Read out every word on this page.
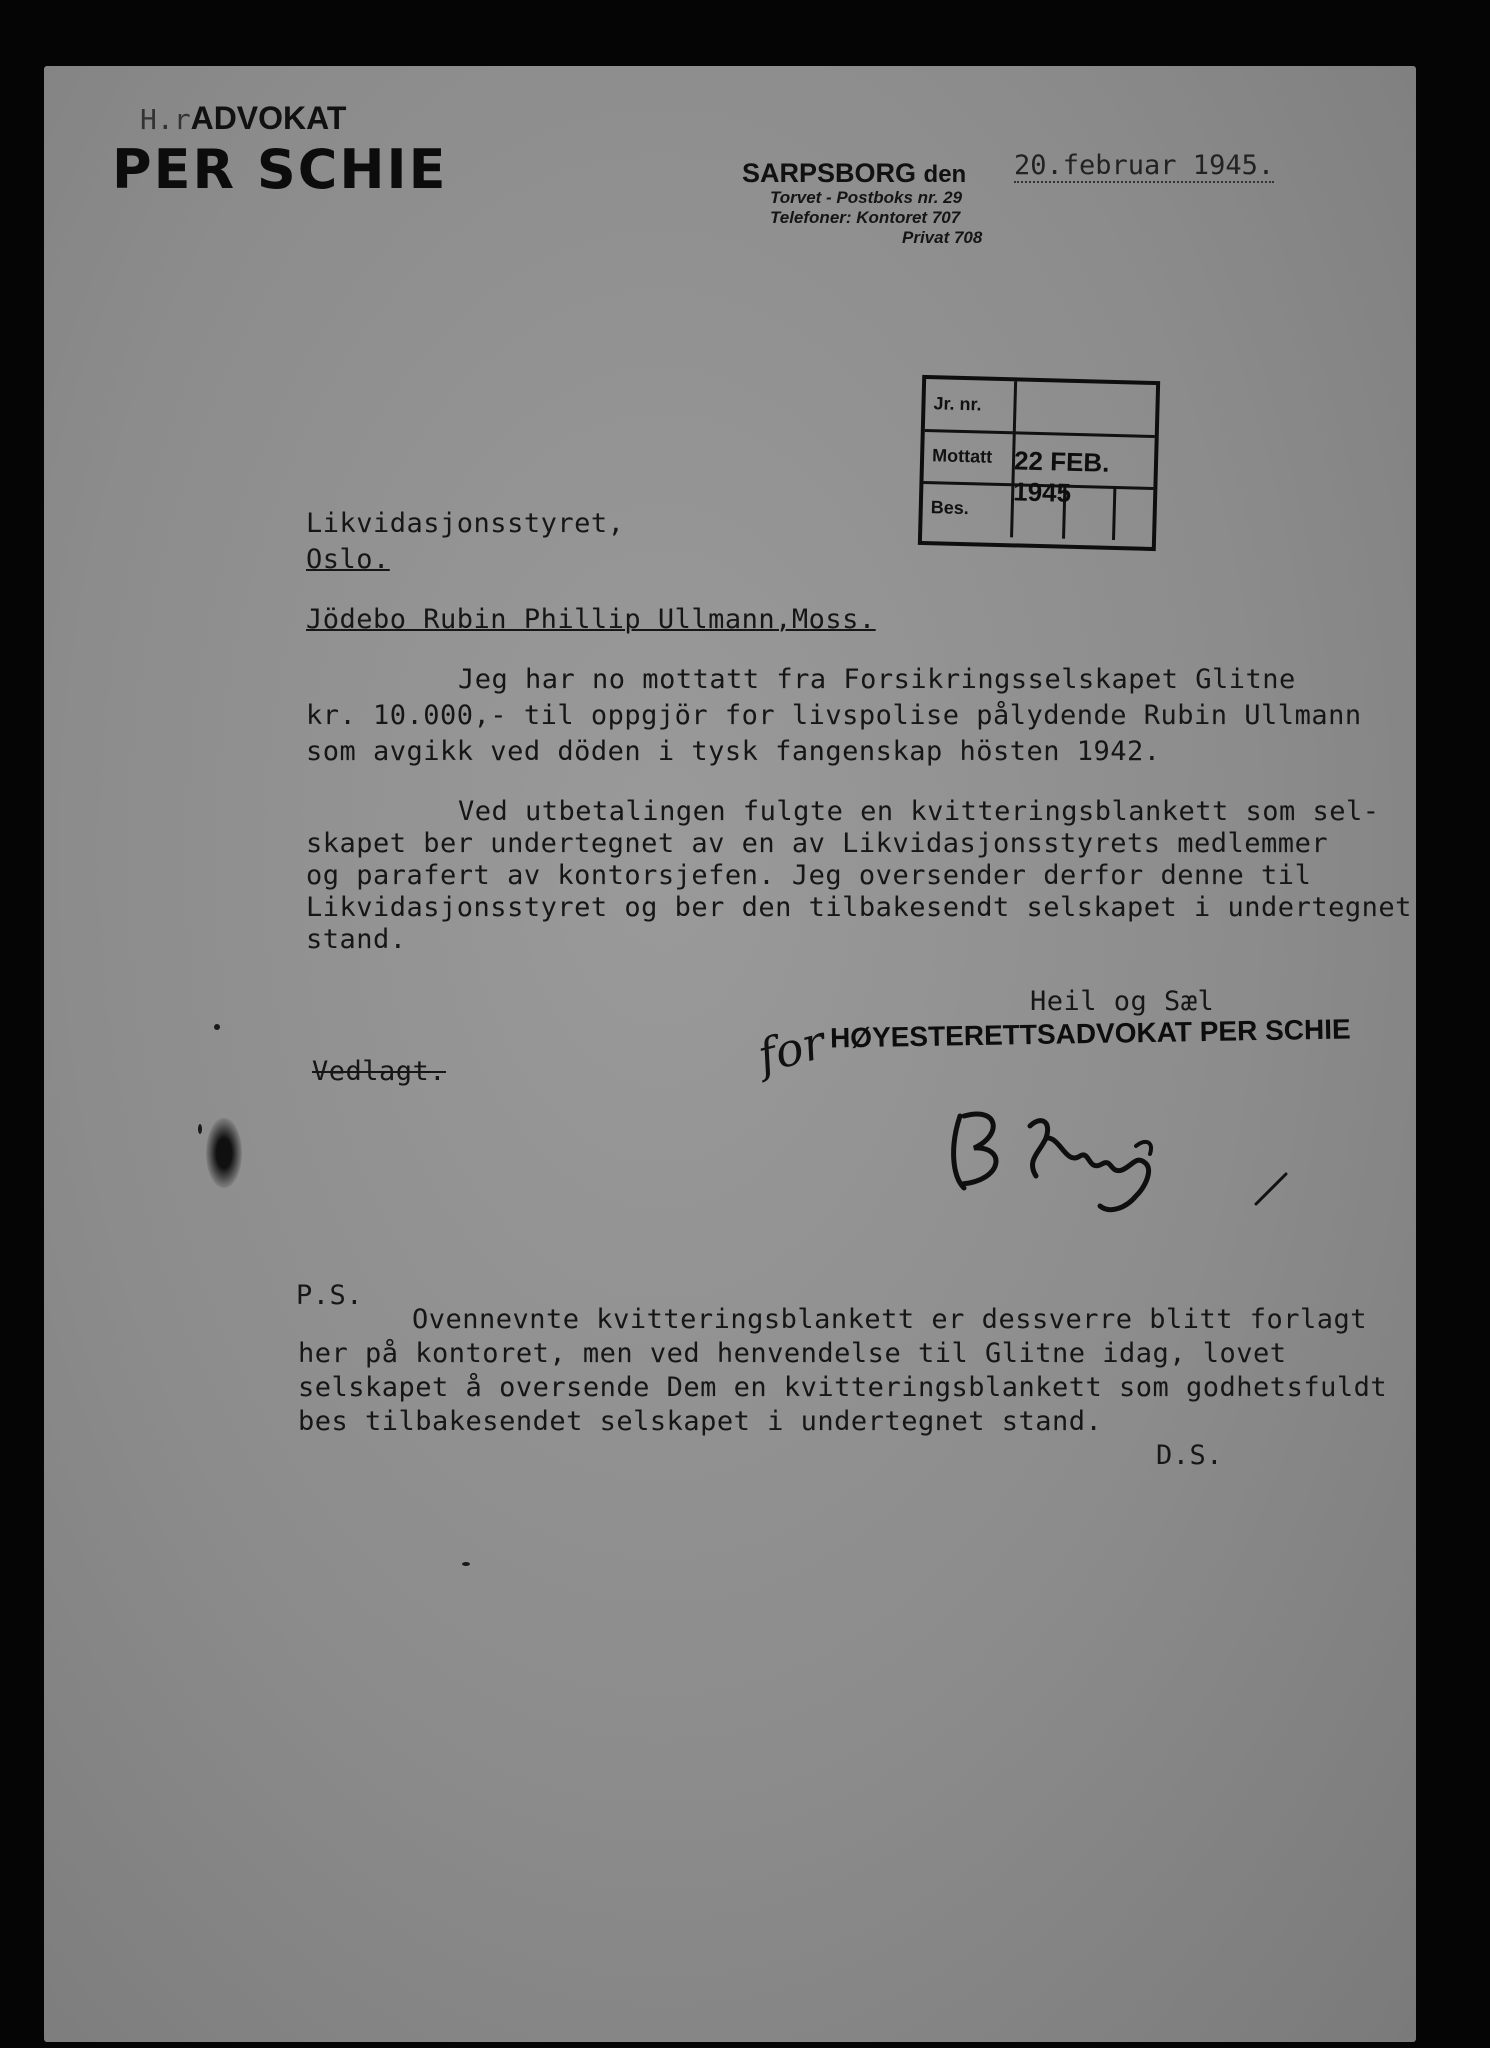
H.rADVOKAT
PER SCHIE	SARPSBORG den 20.februar 1945.
Torvet - Postboks nr. 29
Telefoner: Kontoret 707
Privat 708
Jr. nr.
Mottatt
Bes.
22 FEB. 1945
Likvidasjonsstyret,
Oslo.
Jödebo Rubin Phillip Ullmann,Moss.
Jeg har no mottatt fra Forsikringsselskapet Glitne
kr. 10.000,- til oppgjör for livspolise pålydende Rubin Ullmann
som avgikk ved döden i tysk fangenskap hösten 1942.
Ved utbetalingen fulgte en kvitteringsblankett som sel-
skapet ber undertegnet av en av Likvidasjonsstyrets medlemmer
og parafert av kontorsjefen. Jeg oversender derfor denne til
Likvidasjonsstyret og ber den tilbakesendt selskapet i undertegnet
stand.
Heil og Sæl
Vedlagt.	for HØYESTERETTSADVOKAT PER SCHIE
P.S.
Ovennevnte kvitteringsblankett er dessverre blitt forlagt
her på kontoret, men ved henvendelse til Glitne idag, lovet
selskapet å oversende Dem en kvitteringsblankett som godhetsfuldt
bes tilbakesendet selskapet i undertegnet stand.
D.S.
